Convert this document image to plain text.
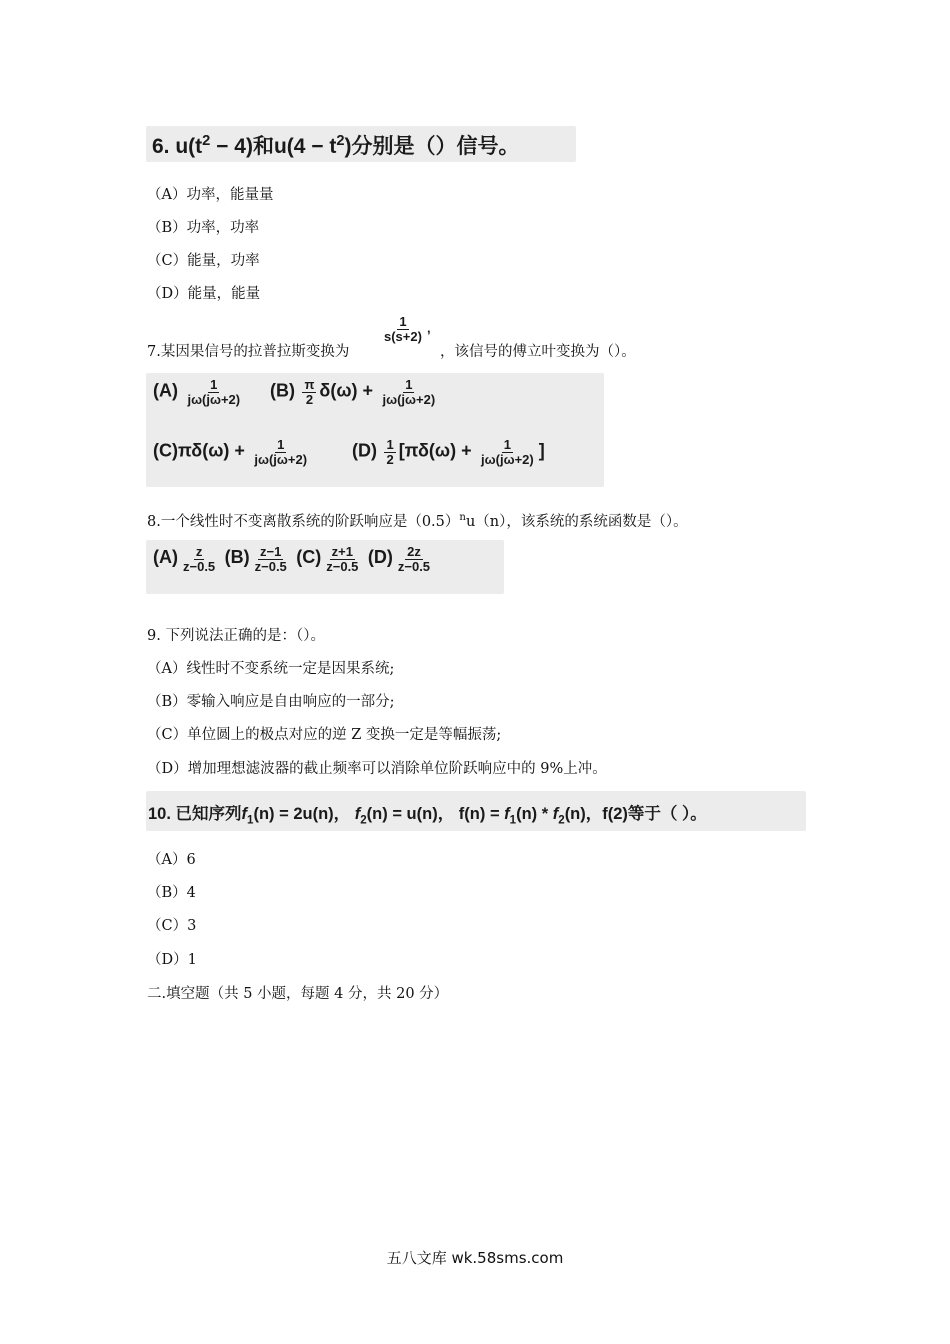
6. $u(t^2 - 4)$和$u(4 - t^2)$分别是（）信号。
（A）功率，能量量
（B）功率，功率
（C）能量，功率
（D）能量，能量
7.某因果信号的拉普拉斯变换为
$\frac{1}{s(s+2)}$ ,
，该信号的傅立叶变换为（）。
$(A) \frac{1}{j\omega(j\omega+2)} (B) \frac{\pi}{2} \delta(\omega) + \frac{1}{j\omega(j\omega+2)}$
$(C)\pi\delta(\omega) + \frac{1}{j\omega(j\omega+2)} (D) \frac{1}{2} [\pi\delta(\omega) + \frac{1}{j\omega(j\omega+2)}$ ]
8.一个线性时不变离散系统的阶跃响应是$(0.5)^nu(n)$，该系统的系统函数是（）。
$(A) \frac{z}{z-0.5} (B) \frac{z-1}{z-0.5} (C) \frac{z+1}{z-0.5} (D) \frac{2z}{z-0.5}$
9. 下列说法正确的是：（）。
（A）线性时不变系统一定是因果系统;
（B）零输入响应是自由响应的一部分;
（C）单位圆上的极点对应的逆 Z 变换一定是等幅振荡;
（D）增加理想滤波器的截止频率可以消除单位阶跃响应中的 9%上冲。
10. 已知序列$f_1(n) = 2u(n)$， $f_2(n) = u(n)$， $f(n) = f_1(n) * f_2(n)$，f(2)等于（ ）。
（A）6
（B）4
（C）3
（D）1
二.填空题（共 5 小题，每题 4 分，共 20 分）
五八文库 wk.58sms.com
